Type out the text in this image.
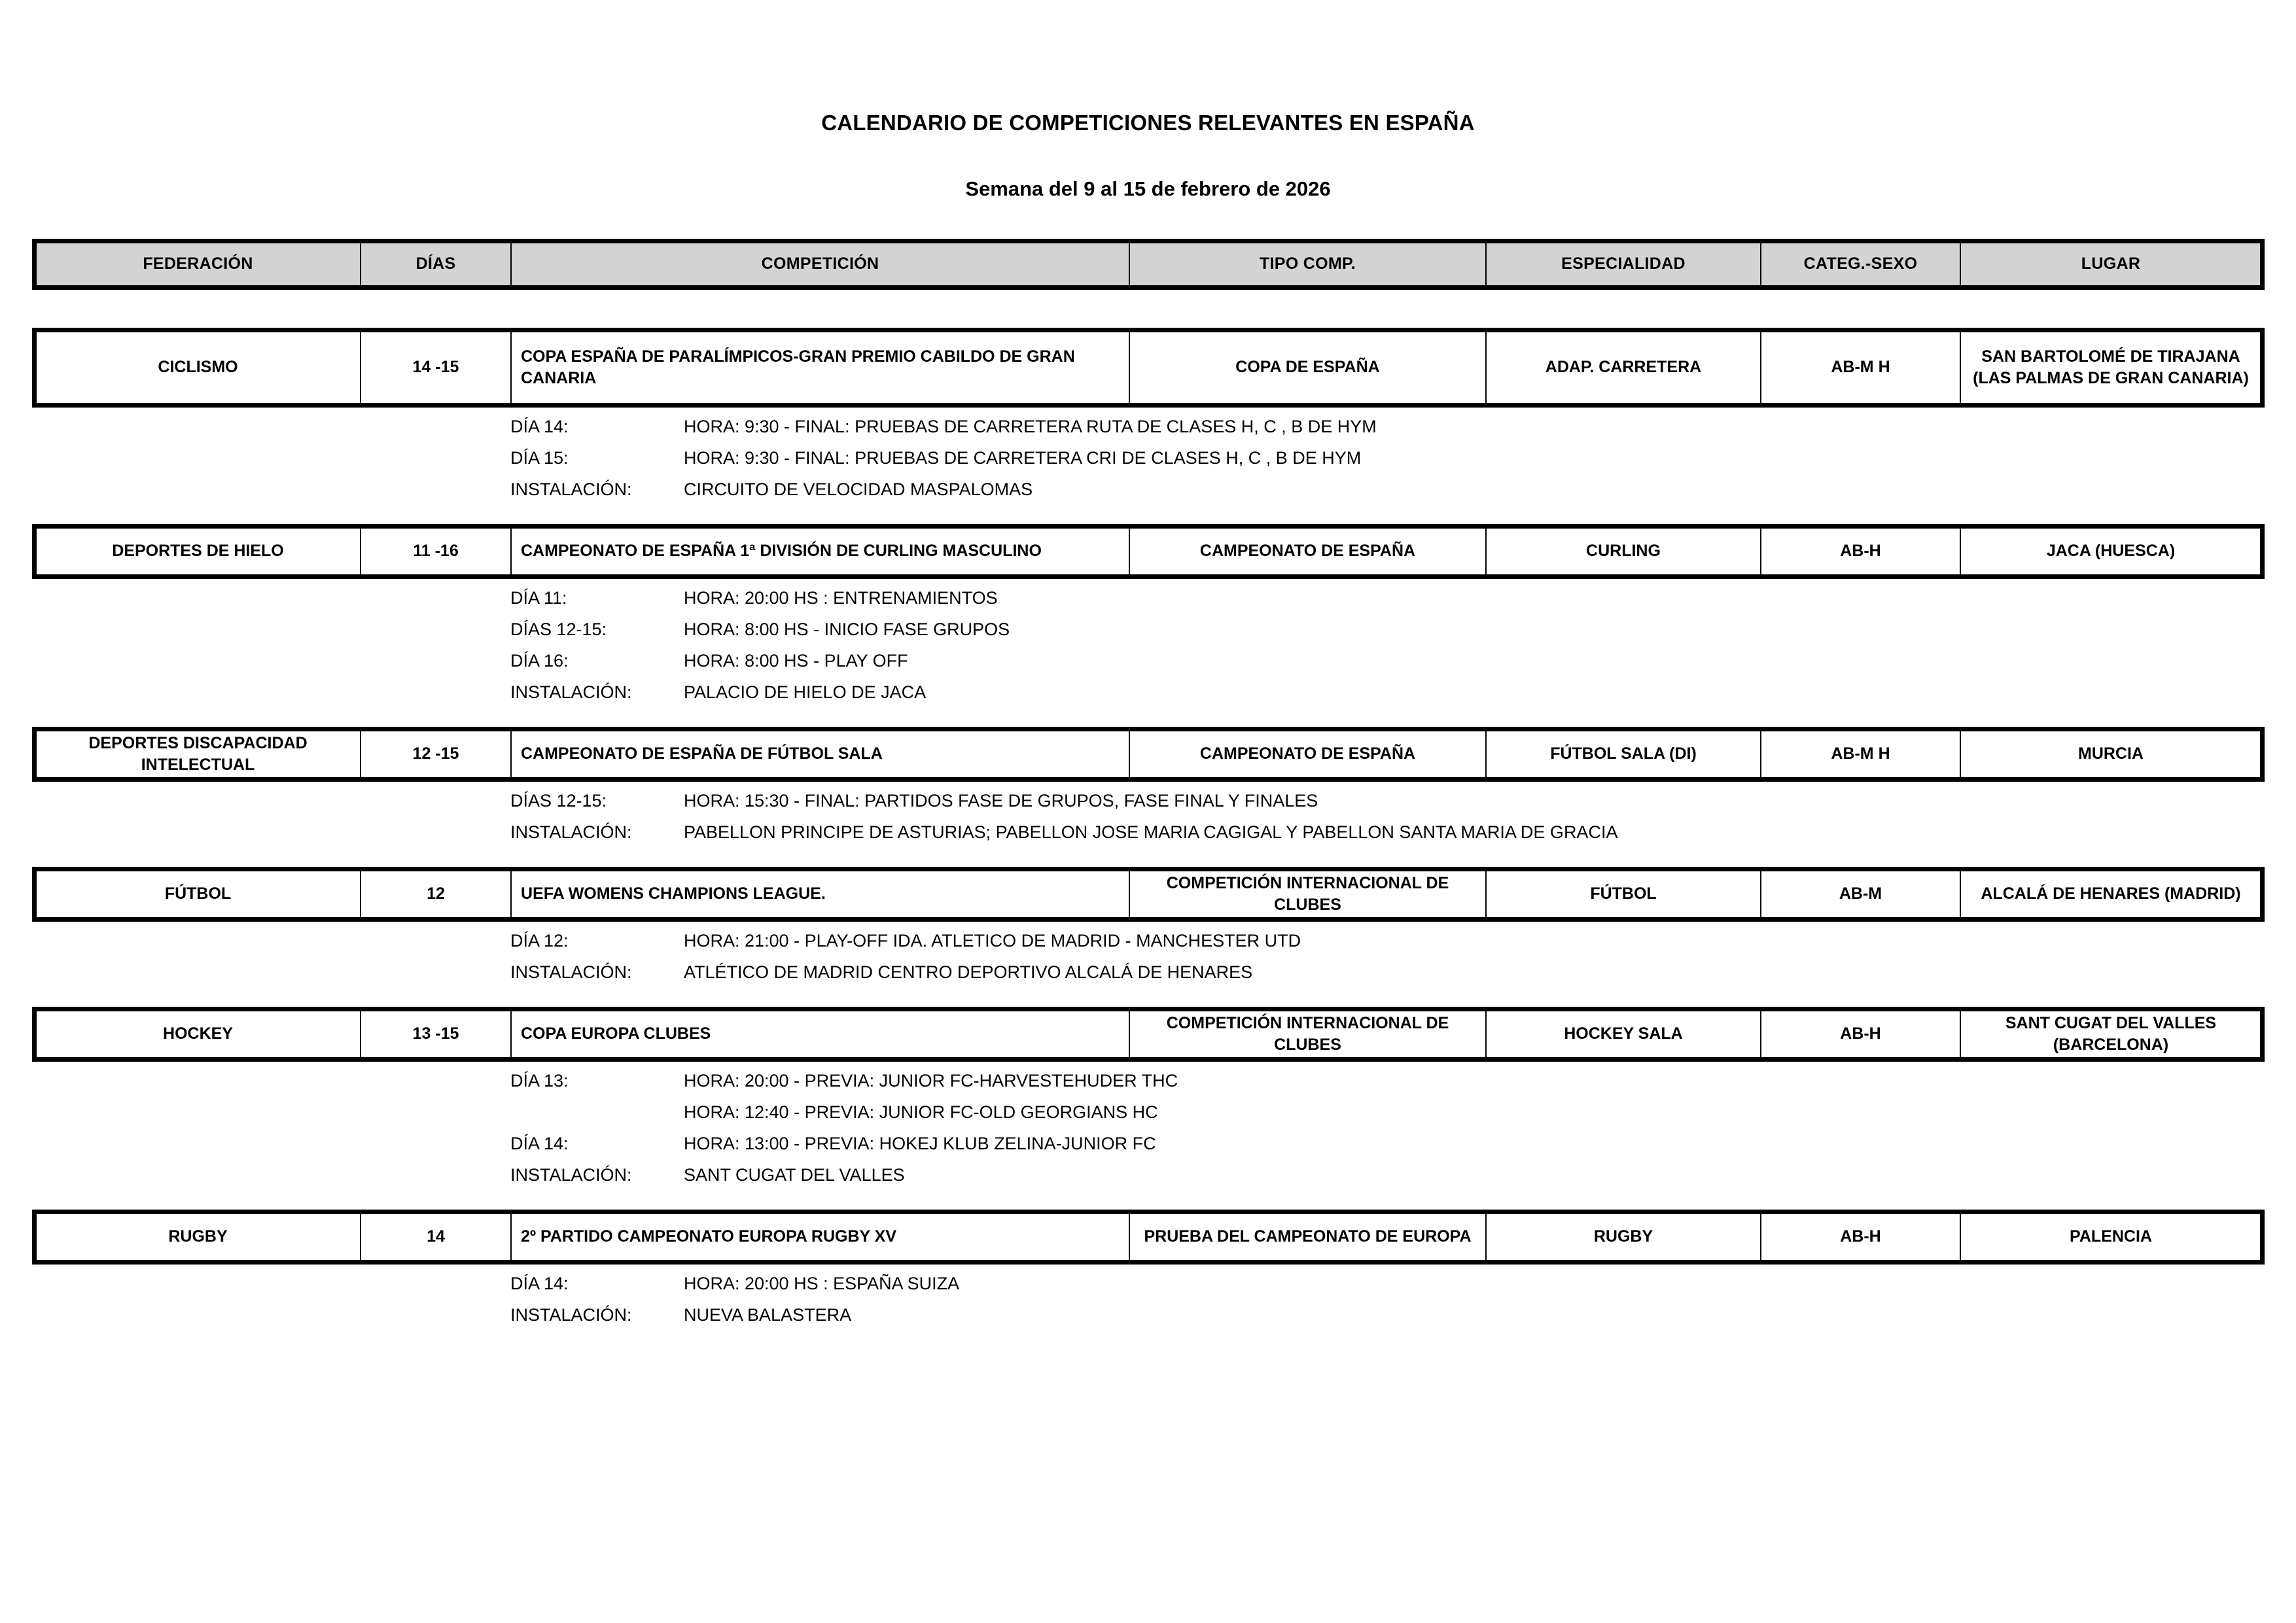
CALENDARIO DE COMPETICIONES RELEVANTES EN ESPAÑA
Semana del 9 al 15 de febrero de 2026
FEDERACIÓN	DÍAS	COMPETICIÓN	TIPO COMP.	ESPECIALIDAD	CATEG.-SEXO	LUGAR
CICLISMO	14 -15	COPA ESPAÑA DE PARALÍMPICOS-GRAN PREMIO CABILDO DE GRAN CANARIA	COPA DE ESPAÑA	ADAP. CARRETERA	AB-M H	SAN BARTOLOMÉ DE TIRAJANA (LAS PALMAS DE GRAN CANARIA)
DÍA 14:	HORA: 9:30 - FINAL: PRUEBAS DE CARRETERA RUTA DE CLASES H, C , B DE HYM
DÍA 15:	HORA: 9:30 - FINAL: PRUEBAS DE CARRETERA CRI DE CLASES H, C , B DE HYM
INSTALACIÓN:	CIRCUITO DE VELOCIDAD MASPALOMAS
DEPORTES DE HIELO	11 -16	CAMPEONATO DE ESPAÑA 1ª DIVISIÓN DE CURLING MASCULINO	CAMPEONATO DE ESPAÑA	CURLING	AB-H	JACA (HUESCA)
DÍA 11:	HORA: 20:00 HS : ENTRENAMIENTOS
DÍAS 12-15:	HORA: 8:00 HS - INICIO FASE GRUPOS
DÍA 16:	HORA: 8:00 HS - PLAY OFF
INSTALACIÓN:	PALACIO DE HIELO DE JACA
DEPORTES DISCAPACIDAD INTELECTUAL	12 -15	CAMPEONATO DE ESPAÑA DE FÚTBOL SALA	CAMPEONATO DE ESPAÑA	FÚTBOL SALA (DI)	AB-M H	MURCIA
DÍAS 12-15:	HORA: 15:30 - FINAL: PARTIDOS FASE DE GRUPOS, FASE FINAL Y FINALES
INSTALACIÓN:	PABELLON PRINCIPE DE ASTURIAS; PABELLON JOSE MARIA CAGIGAL Y PABELLON SANTA MARIA DE GRACIA
FÚTBOL	12	UEFA WOMENS CHAMPIONS LEAGUE.	COMPETICIÓN INTERNACIONAL DE CLUBES	FÚTBOL	AB-M	ALCALÁ DE HENARES (MADRID)
DÍA 12:	HORA: 21:00 - PLAY-OFF IDA. ATLETICO DE MADRID - MANCHESTER UTD
INSTALACIÓN:	ATLÉTICO DE MADRID CENTRO DEPORTIVO ALCALÁ DE HENARES
HOCKEY	13 -15	COPA EUROPA CLUBES	COMPETICIÓN INTERNACIONAL DE CLUBES	HOCKEY SALA	AB-H	SANT CUGAT DEL VALLES (BARCELONA)
DÍA 13:	HORA: 20:00 - PREVIA: JUNIOR FC-HARVESTEHUDER THC
HORA: 12:40 - PREVIA: JUNIOR FC-OLD GEORGIANS HC
DÍA 14:	HORA: 13:00 - PREVIA: HOKEJ KLUB ZELINA-JUNIOR FC
INSTALACIÓN:	SANT CUGAT DEL VALLES
RUGBY	14	2º PARTIDO CAMPEONATO EUROPA RUGBY XV	PRUEBA DEL CAMPEONATO DE EUROPA	RUGBY	AB-H	PALENCIA
DÍA 14:	HORA: 20:00 HS : ESPAÑA SUIZA
INSTALACIÓN:	NUEVA BALASTERA
